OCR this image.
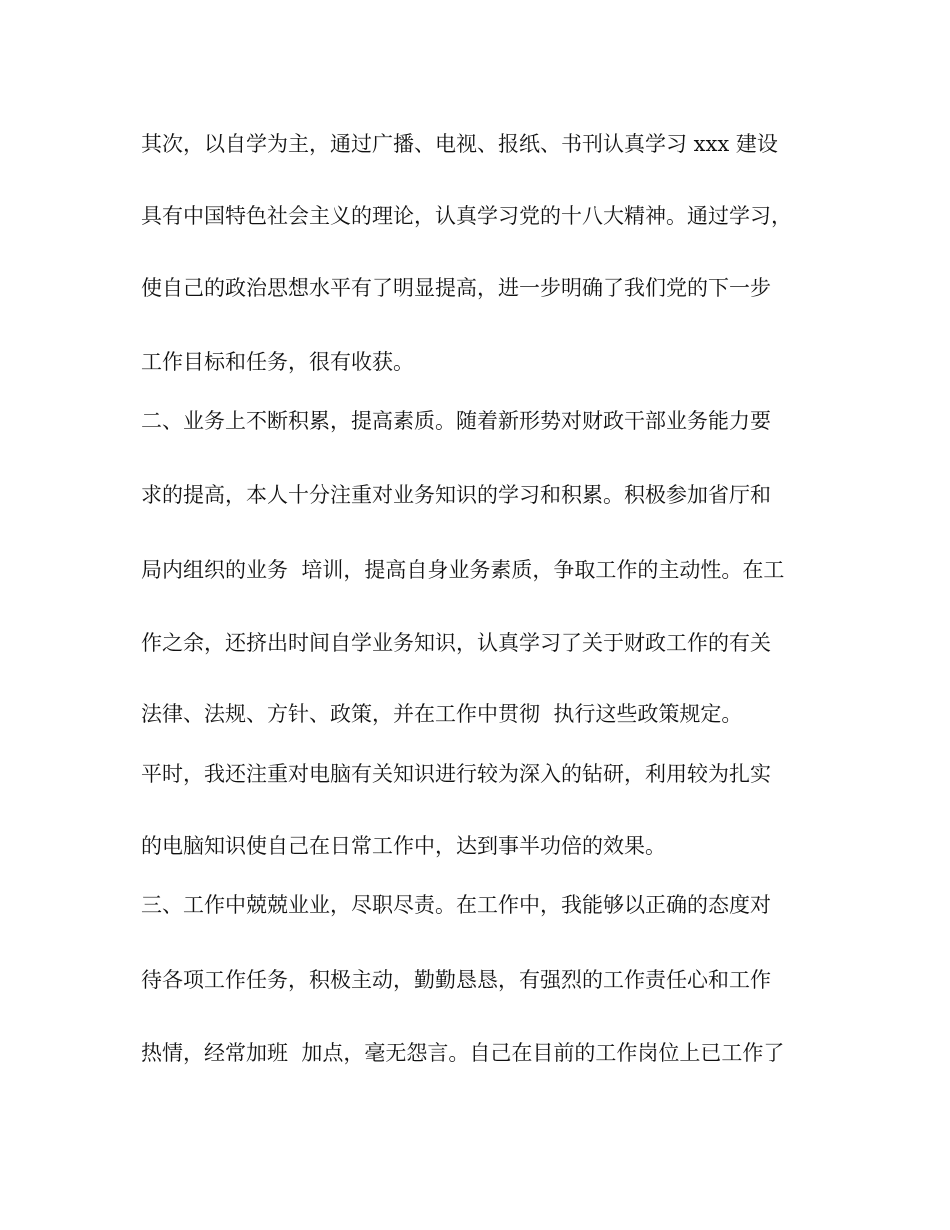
其次，以自学为主，通过广播、电视、报纸、书刊认真学习 xxx 建设
具有中国特色社会主义的理论，认真学习党的十八大精神。通过学习，
使自己的政治思想水平有了明显提高，进一步明确了我们党的下一步
工作目标和任务，很有收获。
二、业务上不断积累，提高素质。随着新形势对财政干部业务能力要
求的提高，本人十分注重对业务知识的学习和积累。积极参加省厅和
局内组织的业务  培训，提高自身业务素质，争取工作的主动性。在工
作之余，还挤出时间自学业务知识，认真学习了关于财政工作的有关
法律、法规、方针、政策，并在工作中贯彻  执行这些政策规定。
平时，我还注重对电脑有关知识进行较为深入的钻研，利用较为扎实
的电脑知识使自己在日常工作中，达到事半功倍的效果。
三、工作中兢兢业业，尽职尽责。在工作中，我能够以正确的态度对
待各项工作任务，积极主动，勤勤恳恳，有强烈的工作责任心和工作
热情，经常加班  加点，毫无怨言。自己在目前的工作岗位上已工作了
